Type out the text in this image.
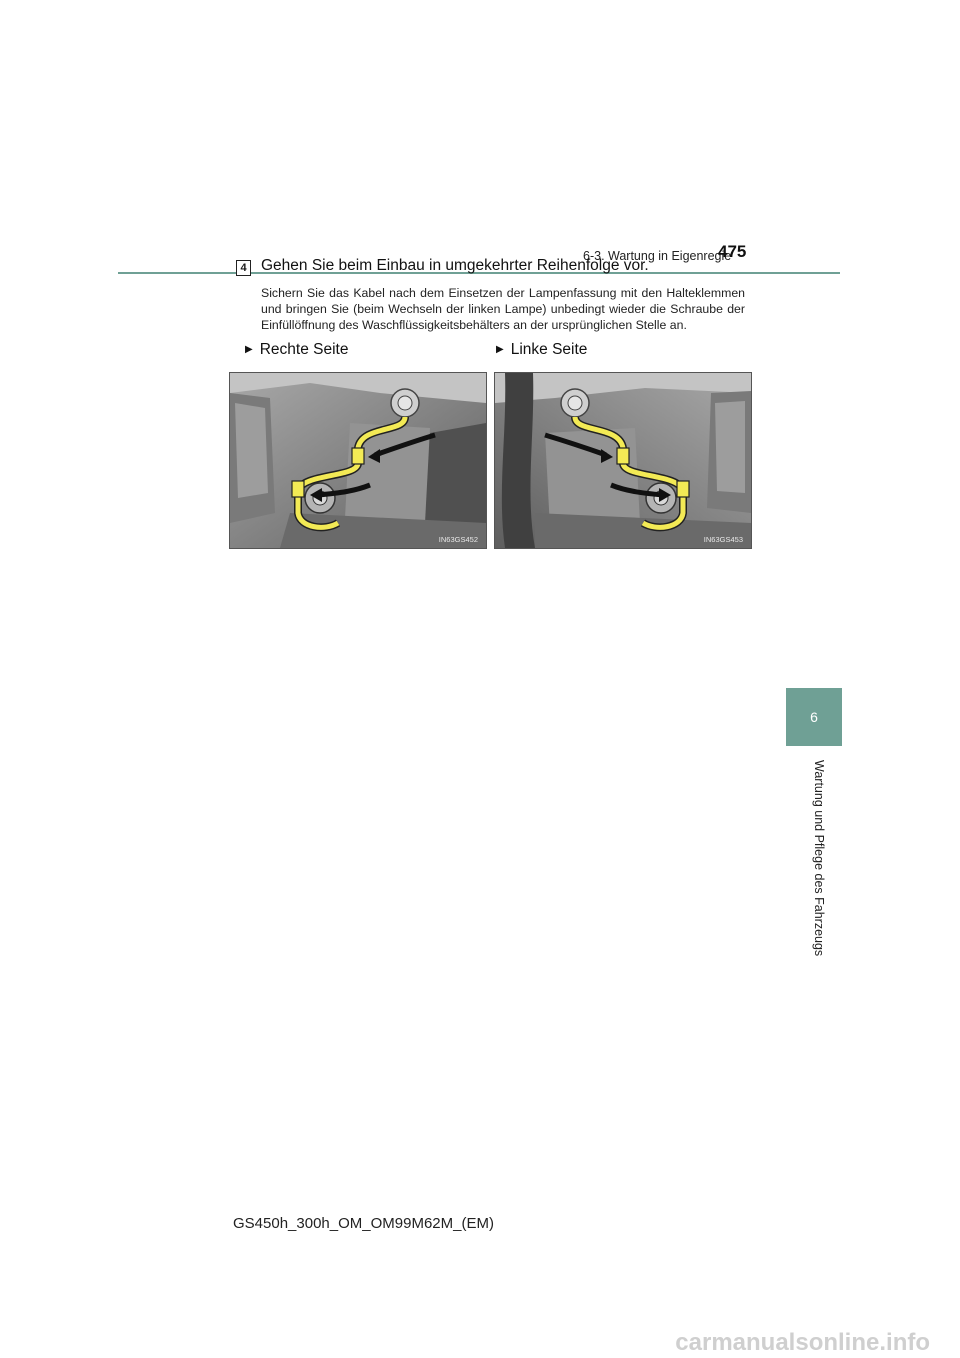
6-3. Wartung in Eigenregie
475
6
Wartung und Pflege des Fahrzeugs
4 Gehen Sie beim Einbau in umgekehrter Reihenfolge vor.
Sichern Sie das Kabel nach dem Einsetzen der Lampenfassung mit den Halteklemmen und bringen Sie (beim Wechseln der linken Lampe) unbedingt wieder die Schraube der Einfüllöffnung des Waschflüssigkeitsbehälters an der ursprünglichen Stelle an.
▶ Rechte Seite	▶ Linke Seite
IN63GS452	IN63GS453
GS450h_300h_OM_OM99M62M_(EM)
carmanualsonline.info
